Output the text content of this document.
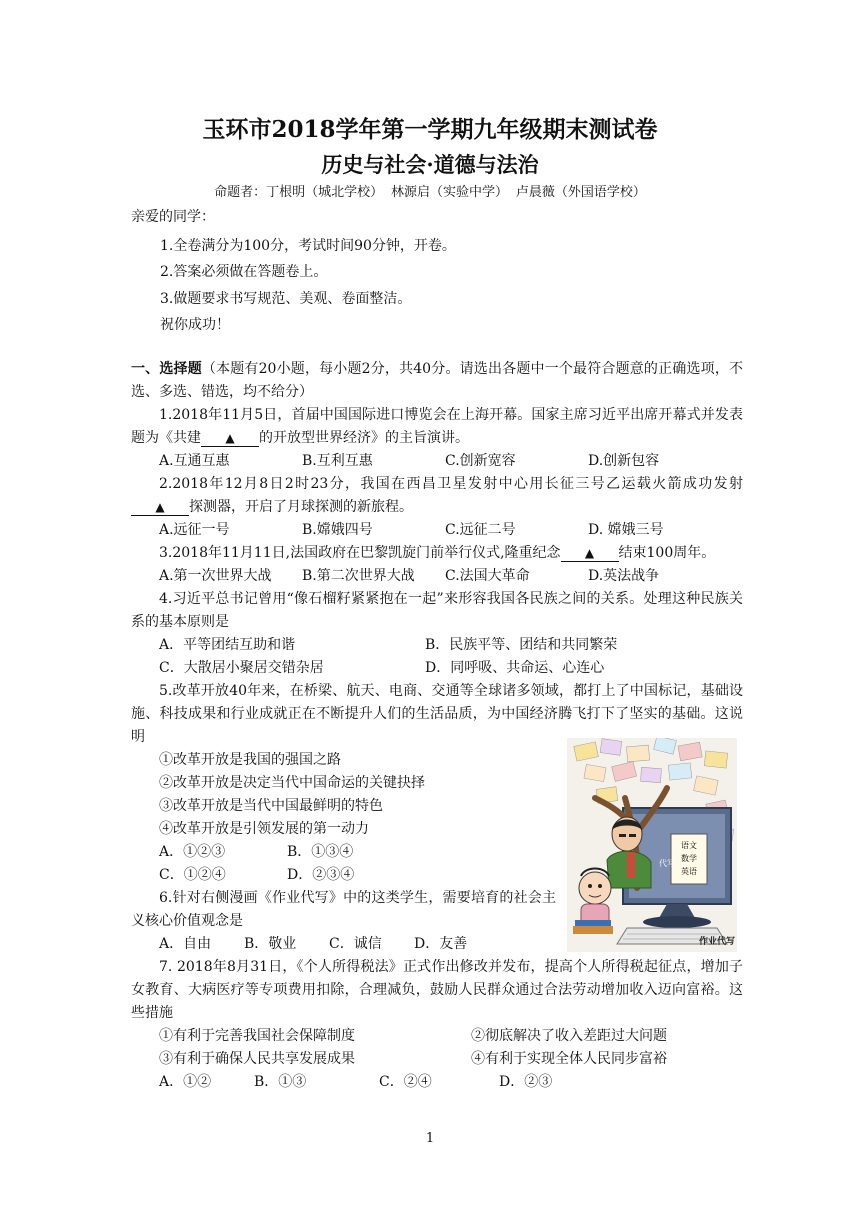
玉环市2018学年第一学期九年级期末测试卷
历史与社会·道德与法治
命题者：丁根明（城北学校） 林源启（实验中学） 卢晨薇（外国语学校）
亲爱的同学：
1.全卷满分为100分，考试时间90分钟，开卷。
2.答案必须做在答题卷上。
3.做题要求书写规范、美观、卷面整洁。
祝你成功！

一、选择题（本题有20小题，每小题2分，共40分。请选出各题中一个最符合题意的正确选项，不选、多选、错选，均不给分）

1.2018年11月5日，首届中国国际进口博览会在上海开幕。国家主席习近平出席开幕式并发表题为《共建 ▲ 的开放型世界经济》的主旨演讲。

A.互通互惠	B.互利互惠	C.创新宽容	D.创新包容

2.2018年12月8日2时23分，我国在西昌卫星发射中心用长征三号乙运载火箭成功发射▲ 探测器，开启了月球探测的新旅程。

A.远征一号	B.嫦娥四号	C.远征二号	D. 嫦娥三号

3.2018年11月11日,法国政府在巴黎凯旋门前举行仪式,隆重纪念 ▲ 结束100周年。

A.第一次世界大战	B.第二次世界大战	C.法国大革命	D.英法战争

4.习近平总书记曾用“像石榴籽紧紧抱在一起”来形容我国各民族之间的关系。处理这种民族关系的基本原则是

A．平等团结互助和谐	B．民族平等、团结和共同繁荣
C．大散居小聚居交错杂居	D．同呼吸、共命运、心连心

5.改革开放40年来，在桥梁、航天、电商、交通等全球诸多领域，都打上了中国标记，基础设施、科技成果和行业成就正在不断提升人们的生活品质，为中国经济腾飞打下了坚实的基础。这说明

①改革开放是我国的强国之路

②改革开放是决定当代中国命运的关键抉择

③改革开放是当代中国最鲜明的特色

④改革开放是引领发展的第一动力

A．①②③	B．①③④
C．①②④	D．②③④

6.针对右侧漫画《作业代写》中的这类学生，需要培育的社会主义核心价值观念是

A．自由	B．敬业	C．诚信	D．友善

7. 2018年8月31日，《个人所得税法》正式作出修改并发布，提高个人所得税起征点，增加子女教育、大病医疗等专项费用扣除，合理减负，鼓励人民群众通过合法劳动增加收入迈向富裕。这些措施

①有利于完善我国社会保障制度	②彻底解决了收入差距过大问题
③有利于确保人民共享发展成果	④有利于实现全体人民同步富裕
A．①②	B．①③	C．②④	D．②③
语文
数学
英语
代写
作业代写
1
